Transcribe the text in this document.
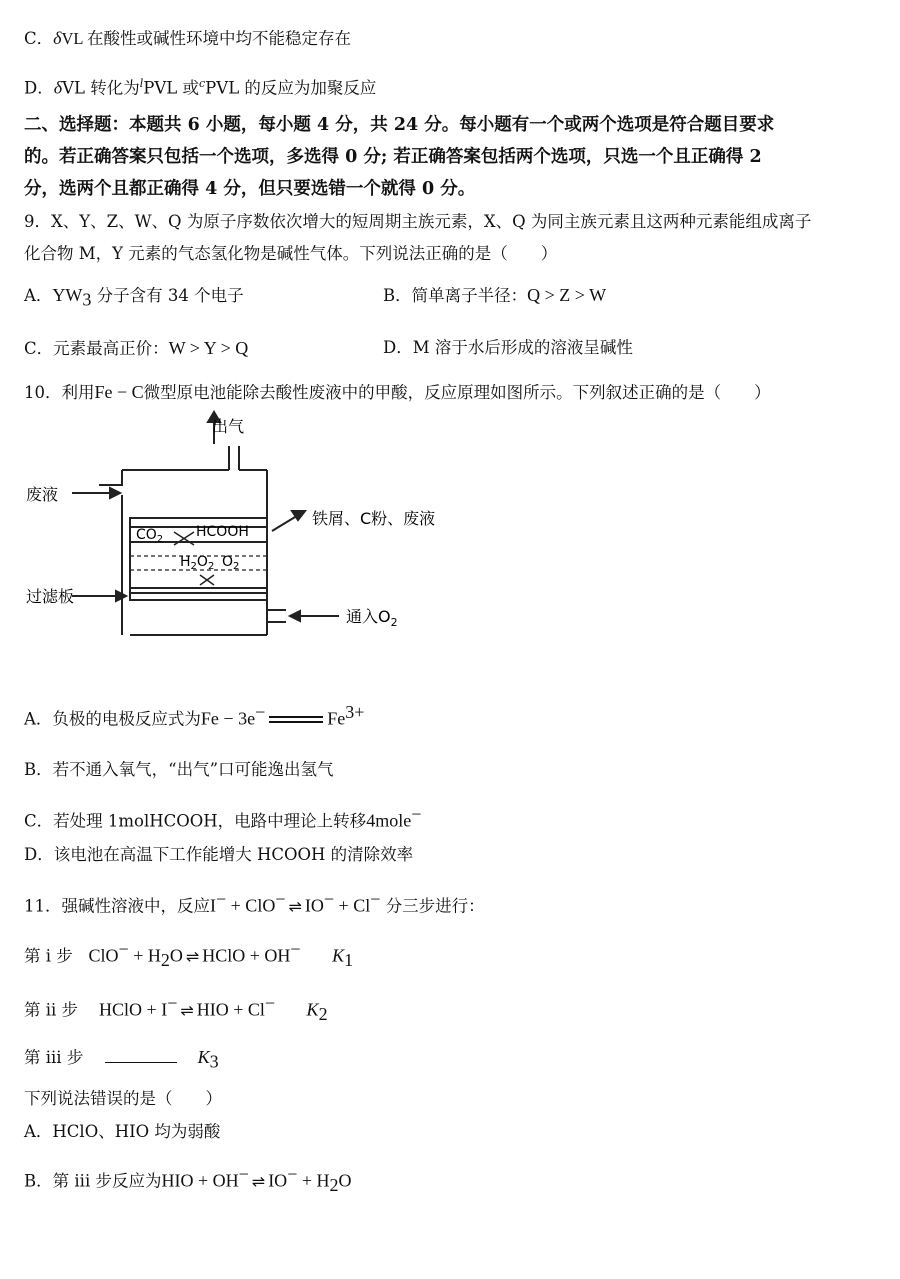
C．δVL 在酸性或碱性环境中均不能稳定存在
D．δVL 转化为$^l$PVL 或$^c$PVL 的反应为加聚反应
二、选择题：本题共 6 小题，每小题 4 分，共 24 分。每小题有一个或两个选项是符合题目要求
的。若正确答案只包括一个选项，多选得 0 分; 若正确答案包括两个选项，只选一个且正确得 2
分，选两个且都正确得 4 分，但只要选错一个就得 0 分。
9．X、Y、Z、W、Q 为原子序数依次增大的短周期主族元素，X、Q 为同主族元素且这两种元素能组成离子
化合物 M，Y 元素的气态氢化物是碱性气体。下列说法正确的是（　　）
A．$YW_3$ 分子含有 34 个电子	B．简单离子半径：Q > Z > W
C．元素最高正价：W > Y > Q	D．M 溶于水后形成的溶液呈碱性
10．利用Fe − C微型原电池能除去酸性废液中的甲酸，反应原理如图所示。下列叙述正确的是（　　）
出气
废液
铁屑、C粉、废液
过滤板
通入$O_2$
$CO_2$ HCOOH
$H_2O_2$ $O_2$
A．负极的电极反应式为Fe − 3e−	$Fe^{3+}$
B．若不通入氧气，“出气”口可能逸出氢气
C．若处理 1molHCOOH，电路中理论上转移4mole−
D．该电池在高温下工作能增大 HCOOH 的清除效率
11．强碱性溶液中，反应I− + ClO− ⇌ IO− + Cl− 分三步进行：
第 i 步 $ClO^- + H_2O$ ⇌ HClO + OH− $K_1$
第 ii 步 HClO + I− ⇌ HIO + Cl− $K_2$
第 iii 步	$K_3$
下列说法错误的是（　　）
A．HClO、HIO 均为弱酸
B．第 iii 步反应为HIO + OH− ⇌ $IO^- + H_2O$
